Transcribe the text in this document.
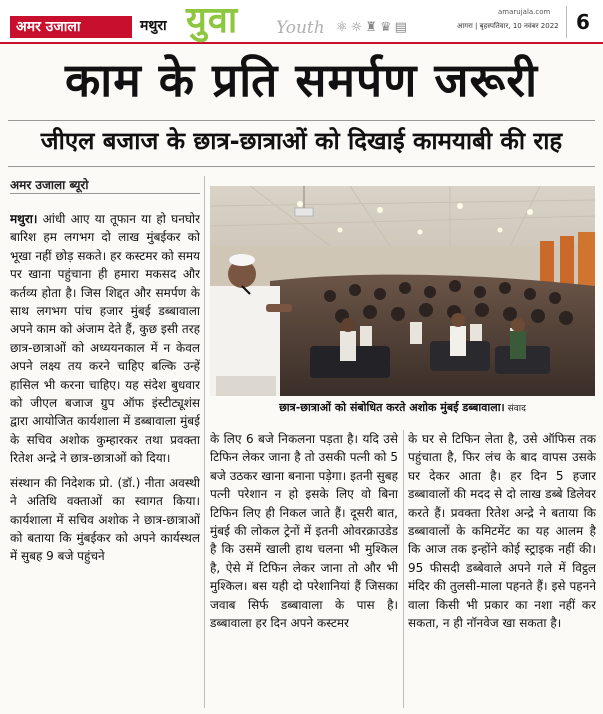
अमर उजाला	मथुरा युवा Youth ⚛☼♜♛▤
amarujala.com
आगरा | बृहस्पतिवार, 10 नवंबर 2022 6
काम के प्रति समर्पण जरूरी
जीएल बजाज के छात्र-छात्राओं को दिखाई कामयाबी की राह
अमर उजाला ब्यूरो
छात्र-छात्राओं को संबोधित करते अशोक मुंबई डब्बावाला। संवाद

मथुरा। आंधी आए या तूफान या हो घनघोर बारिश हम लगभग दो लाख मुंबईकर को भूखा नहीं छोड़ सकते। हर कस्टमर को समय पर खाना पहुंचाना ही हमारा मकसद और कर्तव्य होता है। जिस शिद्दत और समर्पण के साथ लगभग पांच हजार मुंबई डब्बावाला अपने काम को अंजाम देते हैं, कुछ इसी तरह छात्र-छात्राओं को अध्ययनकाल में न केवल अपने लक्ष्य तय करने चाहिए बल्कि उन्हें हासिल भी करना चाहिए। यह संदेश बुधवार को जीएल बजाज ग्रुप ऑफ इंस्टीट्यूशंस द्वारा आयोजित कार्यशाला में डब्बावाला मुंबई के सचिव अशोक कुम्हारकर तथा प्रवक्ता रितेश अन्द्रे ने छात्र-छात्राओं को दिया।

संस्थान की निदेशक प्रो. (डॉ.) नीता अवस्थी ने अतिथि वक्ताओं का स्वागत किया। कार्यशाला में सचिव अशोक ने छात्र-छात्राओं को बताया कि मुंबईकर को अपने कार्यस्थल में सुबह 9 बजे पहुंचने

के लिए 6 बजे निकलना पड़ता है। यदि उसे टिफिन लेकर जाना है तो उसकी पत्नी को 5 बजे उठकर खाना बनाना पड़ेगा। इतनी सुबह पत्नी परेशान न हो इसके लिए वो बिना टिफिन लिए ही निकल जाते हैं। दूसरी बात, मुंबई की लोकल ट्रेनों में इतनी ओवरक्राउडेड है कि उसमें खाली हाथ चलना भी मुश्किल है, ऐसे में टिफिन लेकर जाना तो और भी मुश्किल। बस यही दो परेशानियां हैं जिसका जवाब सिर्फ डब्बावाला के पास है। डब्बावाला हर दिन अपने कस्टमर

के घर से टिफिन लेता है, उसे ऑफिस तक पहुंचाता है, फिर लंच के बाद वापस उसके घर देकर आता है। हर दिन 5 हजार डब्बावालों की मदद से दो लाख डब्बे डिलेवर करते हैं। प्रवक्ता रितेश अन्द्रे ने बताया कि डब्बावालों के कमिटमेंट का यह आलम है कि आज तक इन्होंने कोई स्ट्राइक नहीं की। 95 फीसदी डब्बेवाले अपने गले में विट्ठल मंदिर की तुलसी-माला पहनते हैं। इसे पहनने वाला किसी भी प्रकार का नशा नहीं कर सकता, न ही नॉनवेज खा सकता है।
